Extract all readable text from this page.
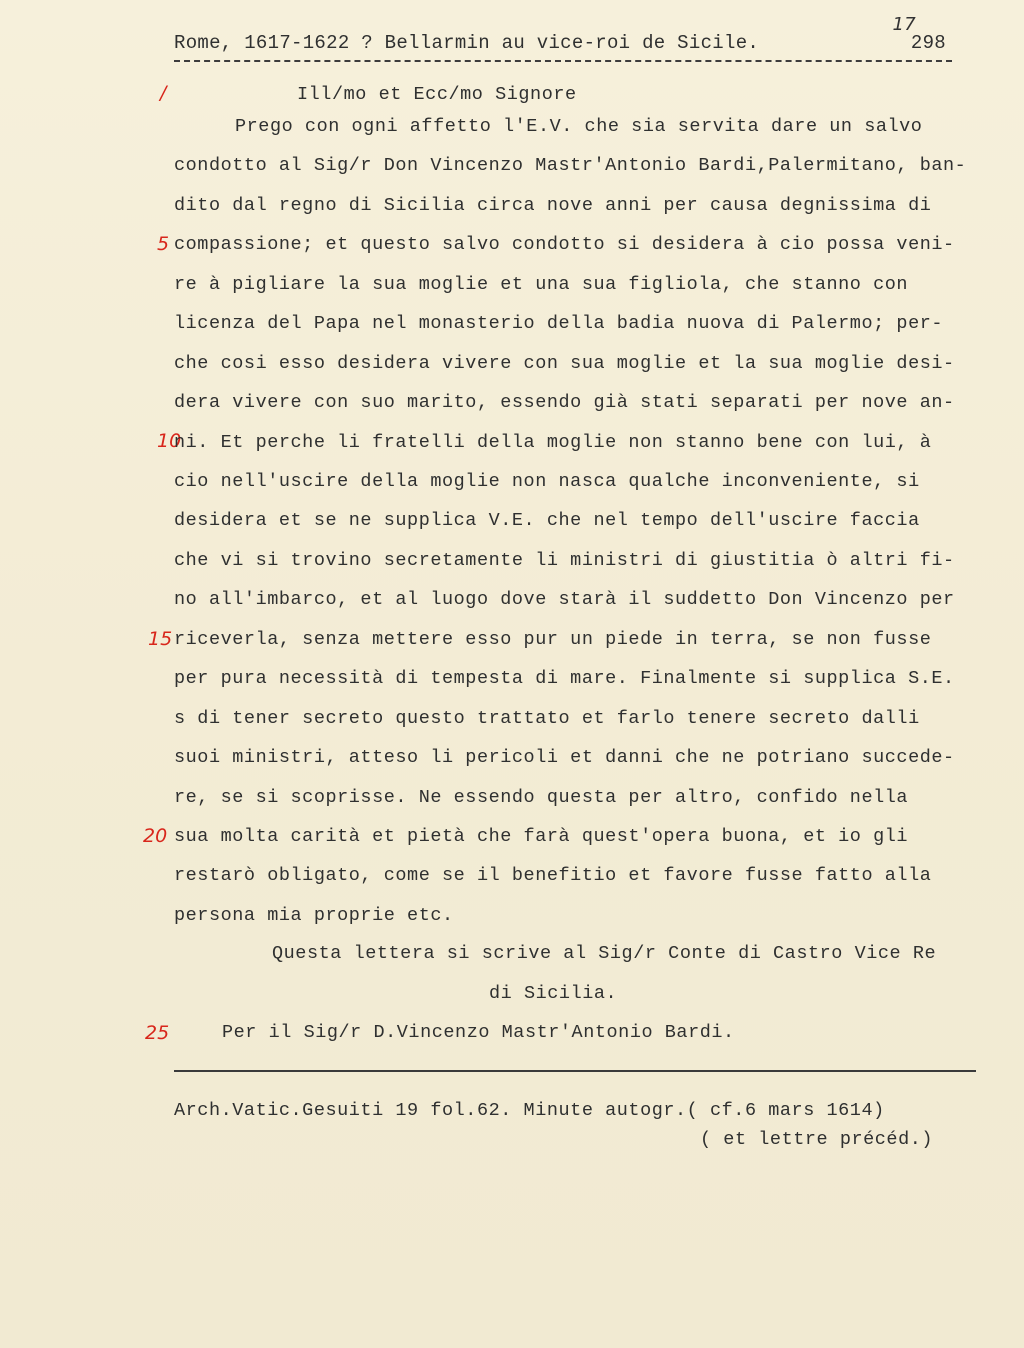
Rome, 1617-1622 ? Bellarmin au vice-roi de Sicile.
17
298
/
5
10
15
20
25
Ill/mo et Ecc/mo Signore
Prego con ogni affetto l'E.V. che sia servita dare un salvo
condotto al Sig/r Don Vincenzo Mastr'Antonio Bardi,Palermitano, ban-
dito dal regno di Sicilia circa nove anni per causa degnissima di
compassione; et questo salvo condotto si desidera à cio possa veni-
re à pigliare la sua moglie et una sua figliola, che stanno con
licenza del Papa nel monasterio della badia nuova di Palermo; per-
che cosi esso desidera vivere con sua moglie et la sua moglie desi-
dera vivere con suo marito, essendo già stati separati per nove an-
ni. Et perche li fratelli della moglie non stanno bene con lui, à
cio nell'uscire della moglie non nasca qualche inconveniente, si
desidera et se ne supplica V.E. che nel tempo dell'uscire faccia
che vi si trovino secretamente li ministri di giustitia ò altri fi-
no all'imbarco, et al luogo dove starà il suddetto Don Vincenzo per
riceverla, senza mettere esso pur un piede in terra, se non fusse
per pura necessità di tempesta di mare. Finalmente si supplica S.E.
s di tener secreto questo trattato et farlo tenere secreto dalli
suoi ministri, atteso li pericoli et danni che ne potriano succede-
re, se si scoprisse. Ne essendo questa per altro, confido nella
sua molta carità et pietà che farà quest'opera buona, et io gli
restarò obligato, come se il benefitio et favore fusse fatto alla
persona mia proprie etc.
Questa lettera si scrive al Sig/r Conte di Castro Vice Re
di Sicilia.
Per il Sig/r D.Vincenzo Mastr'Antonio Bardi.
Arch.Vatic.Gesuiti 19 fol.62. Minute autogr.( cf.6 mars 1614)
( et lettre précéd.)
